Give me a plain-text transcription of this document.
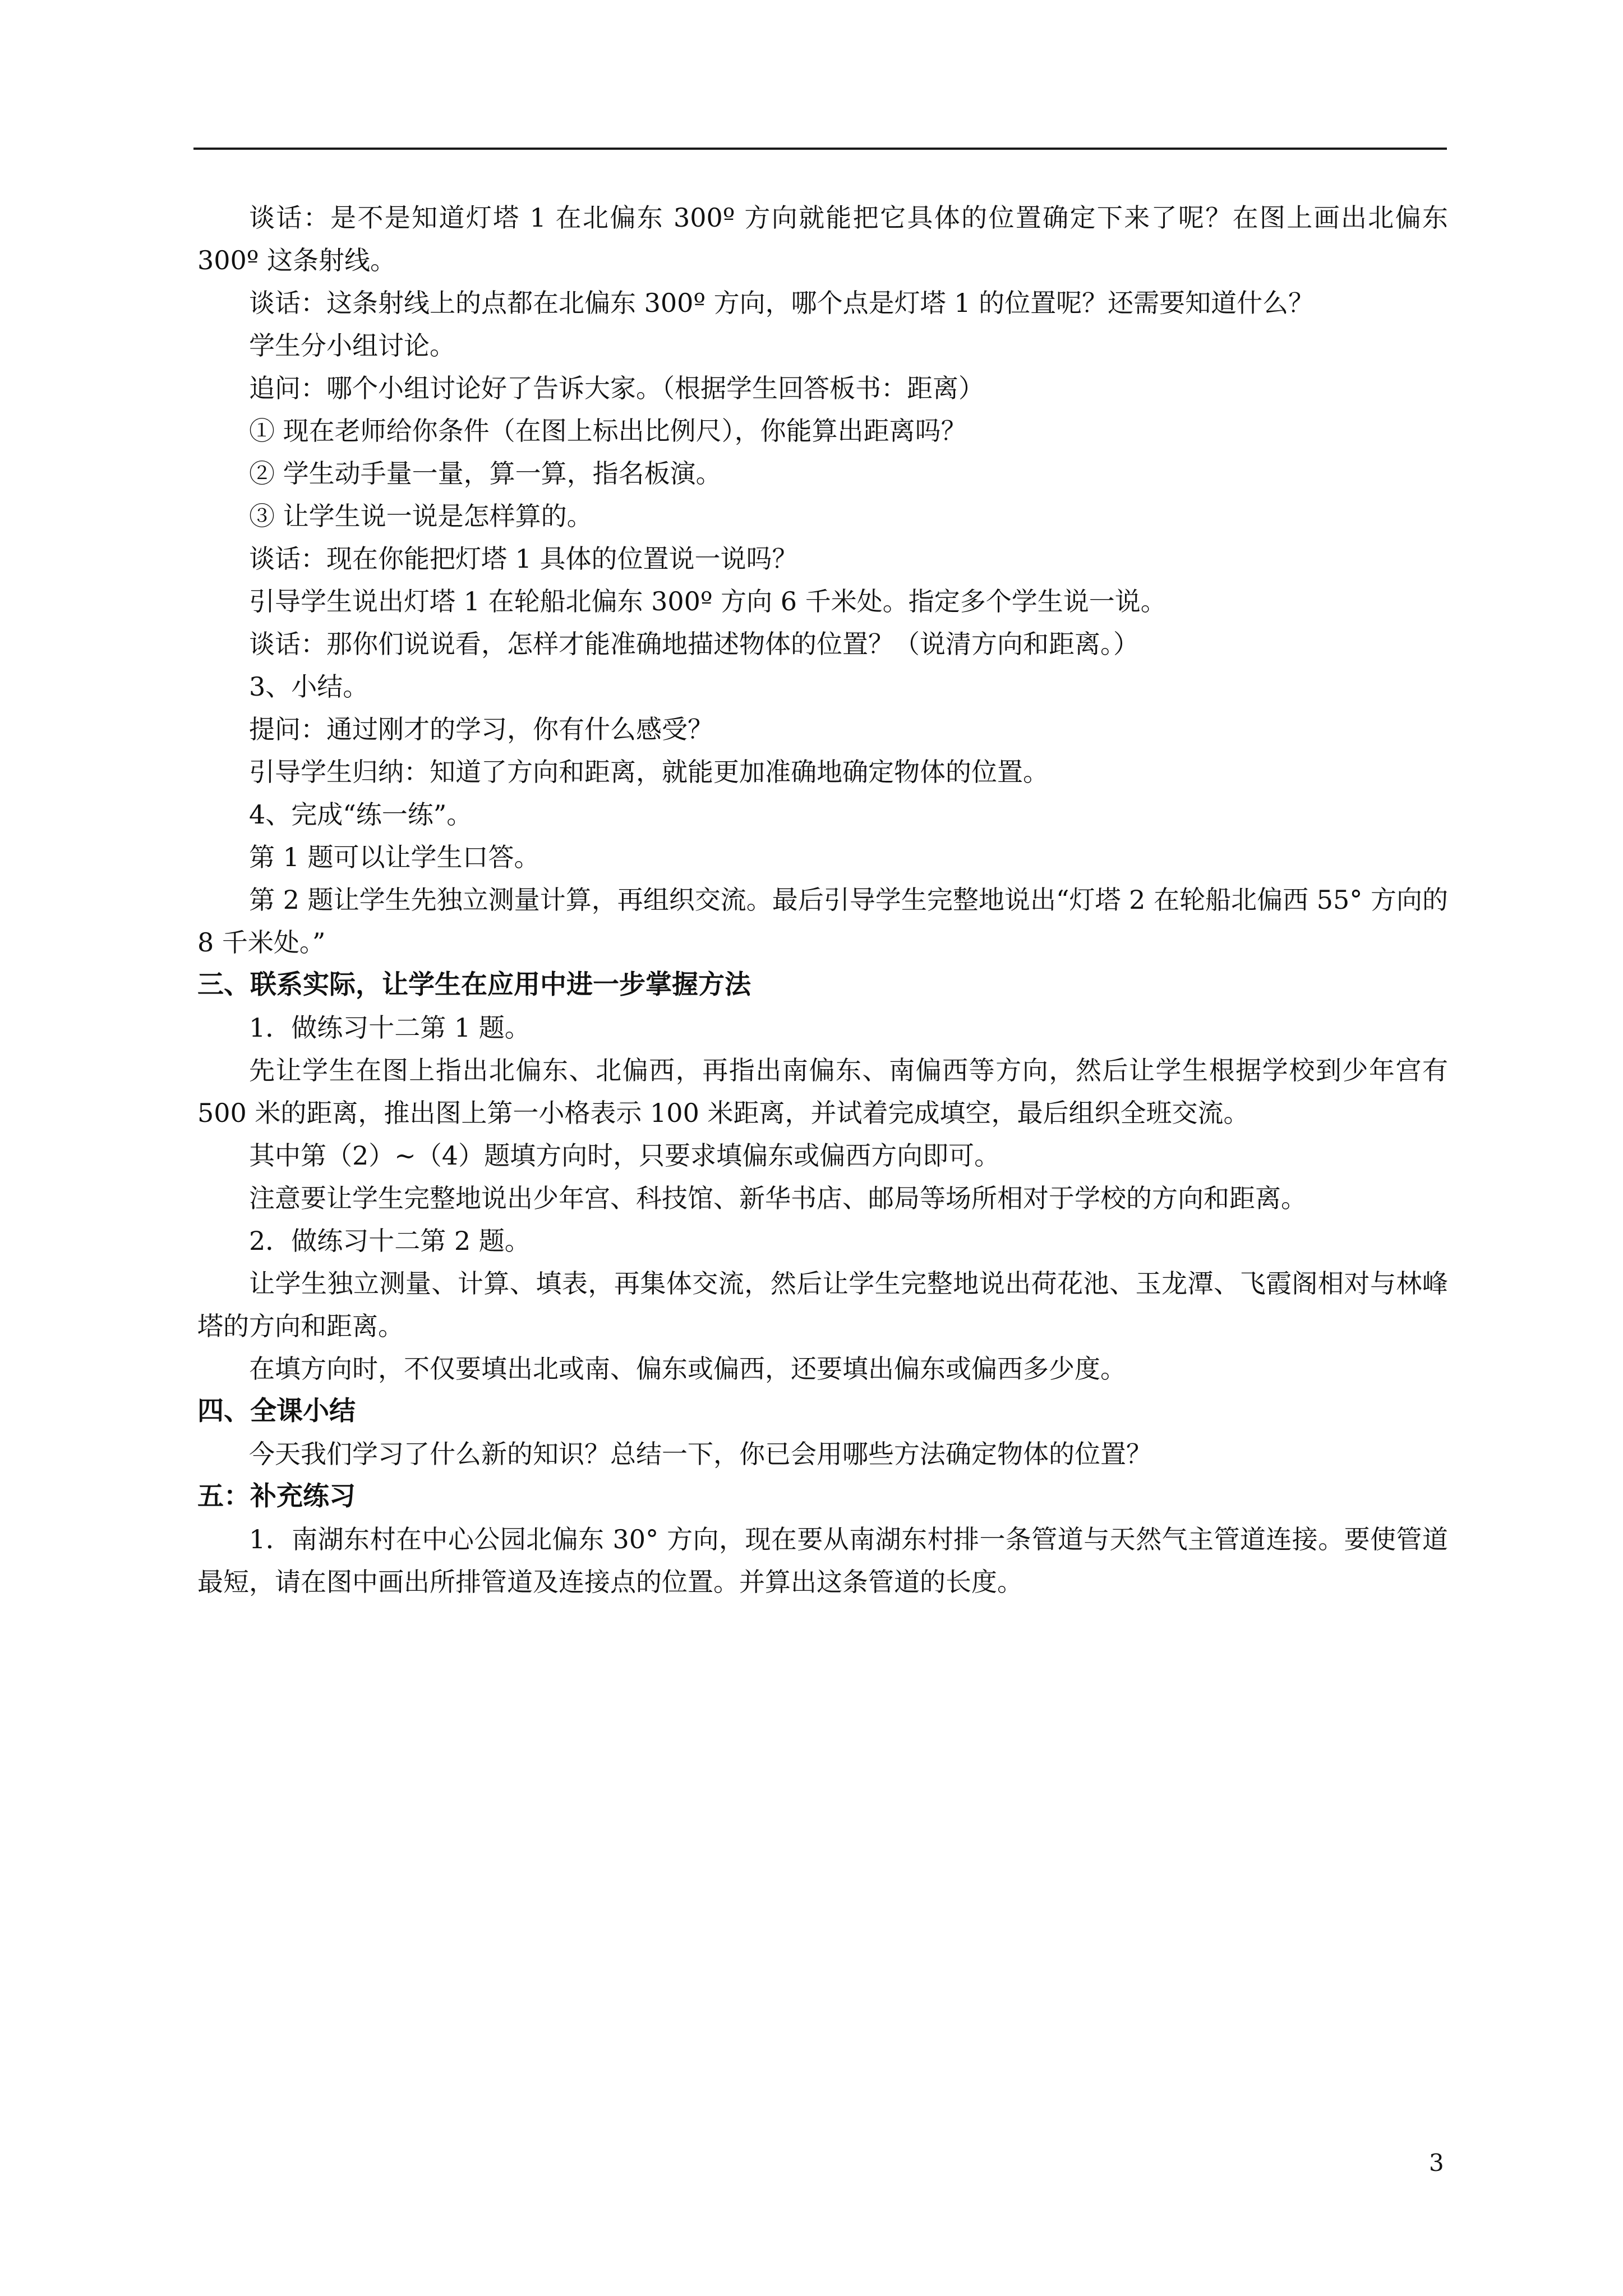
谈话：是不是知道灯塔 1 在北偏东 300º 方向就能把它具体的位置确定下来了呢？在图上画出北偏东 300º 这条射线。

谈话：这条射线上的点都在北偏东 300º 方向，哪个点是灯塔 1 的位置呢？还需要知道什么？

学生分小组讨论。

追问：哪个小组讨论好了告诉大家。（根据学生回答板书：距离）

① 现在老师给你条件（在图上标出比例尺），你能算出距离吗？

② 学生动手量一量，算一算，指名板演。

③ 让学生说一说是怎样算的。

谈话：现在你能把灯塔 1 具体的位置说一说吗？

引导学生说出灯塔 1 在轮船北偏东 300º 方向 6 千米处。指定多个学生说一说。

谈话：那你们说说看，怎样才能准确地描述物体的位置？（说清方向和距离。）

3、小结。

提问：通过刚才的学习，你有什么感受？

引导学生归纳：知道了方向和距离，就能更加准确地确定物体的位置。

4、完成“练一练”。

第 1 题可以让学生口答。

第 2 题让学生先独立测量计算，再组织交流。最后引导学生完整地说出“灯塔 2 在轮船北偏西 55° 方向的 8 千米处。”

三、联系实际，让学生在应用中进一步掌握方法

1．做练习十二第 1 题。

先让学生在图上指出北偏东、北偏西，再指出南偏东、南偏西等方向，然后让学生根据学校到少年宫有 500 米的距离，推出图上第一小格表示 100 米距离，并试着完成填空，最后组织全班交流。

其中第（2）~（4）题填方向时，只要求填偏东或偏西方向即可。

注意要让学生完整地说出少年宫、科技馆、新华书店、邮局等场所相对于学校的方向和距离。

2．做练习十二第 2 题。

让学生独立测量、计算、填表，再集体交流，然后让学生完整地说出荷花池、玉龙潭、飞霞阁相对与林峰塔的方向和距离。

在填方向时，不仅要填出北或南、偏东或偏西，还要填出偏东或偏西多少度。

四、全课小结

今天我们学习了什么新的知识？总结一下，你已会用哪些方法确定物体的位置？

五：补充练习

1．南湖东村在中心公园北偏东 30° 方向，现在要从南湖东村排一条管道与天然气主管道连接。要使管道最短，请在图中画出所排管道及连接点的位置。并算出这条管道的长度。

3
